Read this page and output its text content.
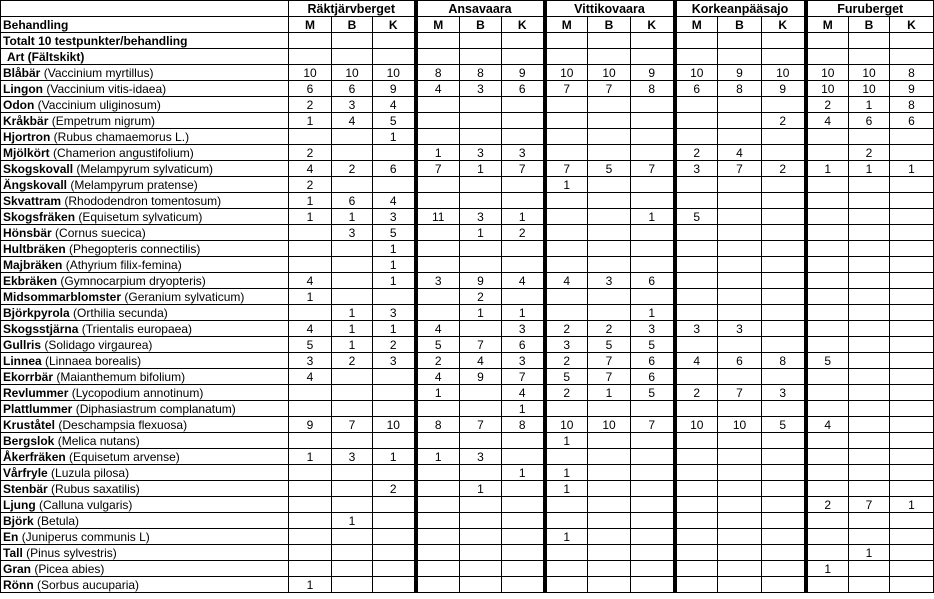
	Räktjärvberget			Ansavaara			Vittikovaara			Korkeanpääsajo			Furuberget		
Behandling	M	B	K	M	B	K	M	B	K	M	B	K	M	B	K
Totalt 10 testpunkter/behandling															
Art (Fältskikt)															
Blåbär (Vaccinium myrtillus)	10	10	10	8	8	9	10	10	9	10	9	10	10	10	8
Lingon (Vaccinium vitis-idaea)	6	6	9	4	3	6	7	7	8	6	8	9	10	10	9
Odon (Vaccinium uliginosum)	2	3	4										2	1	8
Kråkbär (Empetrum nigrum)	1	4	5									2	4	6	6
Hjortron (Rubus chamaemorus L.)			1												
Mjölkört (Chamerion angustifolium)	2			1	3	3				2	4			2	
Skogskovall (Melampyrum sylvaticum)	4	2	6	7	1	7	7	5	7	3	7	2	1	1	1
Ängskovall (Melampyrum pratense)	2						1								
Skvattram (Rhododendron tomentosum)	1	6	4												
Skogsfräken (Equisetum sylvaticum)	1	1	3	11	3	1			1	5					
Hönsbär (Cornus suecica)		3	5		1	2									
Hultbräken (Phegopteris connectilis)			1												
Majbräken (Athyrium filix-femina)			1												
Ekbräken (Gymnocarpium dryopteris)	4		1	3	9	4	4	3	6						
Midsommarblomster (Geranium sylvaticum)	1				2										
Björkpyrola (Orthilia secunda)		1	3		1	1			1						
Skogsstjärna (Trientalis europaea)	4	1	1	4		3	2	2	3	3	3				
Gullris (Solidago virgaurea)	5	1	2	5	7	6	3	5	5						
Linnea (Linnaea borealis)	3	2	3	2	4	3	2	7	6	4	6	8	5		
Ekorrbär (Maianthemum bifolium)	4			4	9	7	5	7	6						
Revlummer (Lycopodium annotinum)				1		4	2	1	5	2	7	3			
Plattlummer (Diphasiastrum complanatum)						1									
Kruståtel (Deschampsia flexuosa)	9	7	10	8	7	8	10	10	7	10	10	5	4		
Bergslok (Melica nutans)							1								
Åkerfräken (Equisetum arvense)	1	3	1	1	3										
Vårfryle (Luzula pilosa)						1	1								
Stenbär (Rubus saxatilis)			2		1		1								
Ljung (Calluna vulgaris)													2	7	1
Björk (Betula)		1													
En (Juniperus communis L)							1								
Tall (Pinus sylvestris)														1	
Gran (Picea abies)													1		
Rönn (Sorbus aucuparia)	1														
